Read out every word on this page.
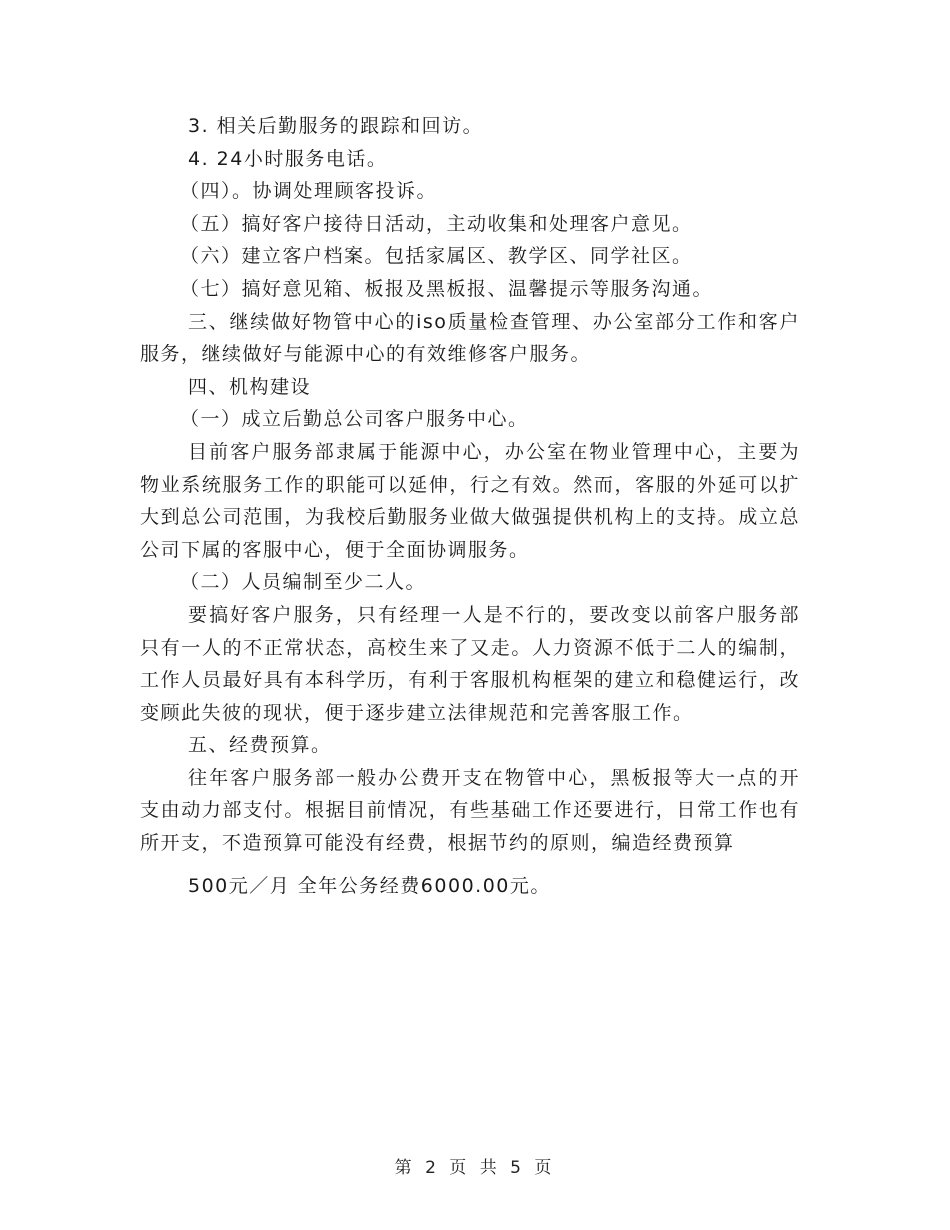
3. 相关后勤服务的跟踪和回访。

4. 24小时服务电话。

（四）。协调处理顾客投诉。

（五）搞好客户接待日活动，主动收集和处理客户意见。

（六）建立客户档案。包括家属区、教学区、同学社区。

（七）搞好意见箱、板报及黑板报、温馨提示等服务沟通。

三、继续做好物管中心的iso质量检查管理、办公室部分工作和客户服务，继续做好与能源中心的有效维修客户服务。

四、机构建设

（一）成立后勤总公司客户服务中心。

目前客户服务部隶属于能源中心，办公室在物业管理中心，主要为物业系统服务工作的职能可以延伸，行之有效。然而，客服的外延可以扩大到总公司范围，为我校后勤服务业做大做强提供机构上的支持。成立总公司下属的客服中心，便于全面协调服务。

（二）人员编制至少二人。

要搞好客户服务，只有经理一人是不行的，要改变以前客户服务部只有一人的不正常状态，高校生来了又走。人力资源不低于二人的编制，工作人员最好具有本科学历，有利于客服机构框架的建立和稳健运行，改变顾此失彼的现状，便于逐步建立法律规范和完善客服工作。

五、经费预算。

往年客户服务部一般办公费开支在物管中心，黑板报等大一点的开支由动力部支付。根据目前情况，有些基础工作还要进行，日常工作也有所开支，不造预算可能没有经费，根据节约的原则，编造经费预算

500元／月 全年公务经费6000.00元。

第 2 页 共 5 页
